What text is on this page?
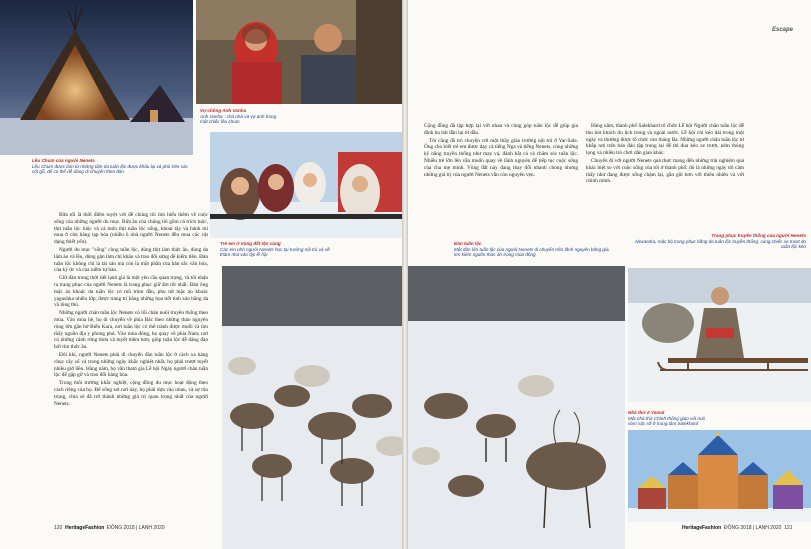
Vợ chồng Anh Vanha
Anh Vanha - chủ nhà và vợ anh trong một chiếc lều chum
Trẻ em ở Vùng đất tận cùng
Các em nhỏ người Nenets học tại trường nội trú và về thăm nhà vào dịp lễ hội
Lều Chum của người Nenets
Lều Chum được làm từ những tấm da tuần lộc được khâu lại và phủ trên các cột gỗ, để có thể dễ dàng di chuyển theo đàn

Bữa tối là thời điểm tuyệt vời để chúng tôi tìm hiểu thêm về cuộc sống của những người du mục. Bữa ăn của chúng tôi gồm cá trích luộc, thịt tuần lộc luộc và cả món thịt tuần lộc sống, khoai tây và bánh mì mua ở cửa hàng tạp hóa (nhiều ô nhà người Nenets đều mua các vật dụng thiết yếu).

Người du mục "sống" cùng tuần lộc, dùng thịt làm thức ăn, dùng da làm áo và lều, dùng gân làm chỉ khâu và trao đổi sừng để kiếm tiền. Đàn tuần lộc không chỉ là tài sản mà còn là một phần của bản sắc văn hóa, của ký ức và của niềm tự hào.

Giữ đàn trong thời tiết lạnh giá là một yêu cầu quan trọng, và tôi nhận ra trang phục của người Nenets là trang phục giữ ấm tốt nhất. Đàn ông mặc áo khoác da tuần lộc có mũ trùm đầu, phụ nữ mặc áo khoác yagushka nhiều lớp, được trang trí bằng những họa tiết tinh xảo bằng da và lông thú.

Những người chăn tuần lộc Nenets có lối chăn nuôi truyền thống theo mùa. Vào mùa hè, họ di chuyển về phía Bắc theo những thảo nguyên rộng lớn gần bờ Biển Kara, nơi tuần lộc có thể tránh được muỗi và tìm thấy nguồn địa y phong phú. Vào mùa đông, họ quay về phía Nam, nơi có những cánh rừng thưa và tuyết mềm hơn, giúp tuần lộc dễ dàng đào bới tìm thức ăn.

Đôi khi, người Nenets phải di chuyển đàn tuần lộc ở cách xa hàng chục cây số và trong những ngày khắc nghiệt nhất, họ phải trượt tuyết nhiều giờ liền. Hàng năm, họ vẫn tham gia Lễ hội Ngày người chăn tuần lộc để gặp gỡ và trao đổi hàng hóa.

Trong môi trường khắc nghiệt, cộng đồng du mục hoạt động theo cách riêng của họ. Để sống sót nơi này, họ phải dựa vào nhau, và sự tôn trọng, chia sẻ đã trở thành những giá trị quan trọng nhất của người Nenets.

120 HeritageFashion ĐÔNG 2018 | LANH 2020
Escape

Cộng đồng đã tập hợp lại với nhau và cùng góp tuần lộc để giúp gia đình họ bắt đầu lại từ đầu.

Tôi cũng đã trò chuyện với một thầy giáo trường nội trú ở Yar-Sale. Ông cho biết trẻ em được dạy cả tiếng Nga và tiếng Nenets, cùng những kỹ năng truyền thống như may vá, đánh bắt cá và chăm sóc tuần lộc. Nhiều trẻ lớn lên vẫn muốn quay về lãnh nguyên để tiếp tục cuộc sống của cha mẹ mình. Vùng đất này đang thay đổi nhanh chóng nhưng những giá trị của người Nenets vẫn còn nguyên vẹn.

Hàng năm, thành phố Salekhard tổ chức Lễ hội Người chăn tuần lộc để thu hút khách du lịch trong và ngoài nước. Lễ hội chỉ kéo dài trong một ngày và thường được tổ chức vào tháng Ba. Những người chăn tuần lộc từ khắp nơi trên bán đảo tập trung lại để thi đua kéo xe trượt, ném thòng lọng và nhiều trò chơi dân gian khác.

Chuyến đi với người Nenets quả thực mang đến những trải nghiệm quá khác biệt so với cuộc sống của tôi ở thành phố; đó là những ngày tôi cảm thấy như đang được sống chậm lại, gần gũi hơn với thiên nhiên và với chính mình.

Đàn tuần lộc
Một đàn lớn tuần lộc của người Nenets di chuyển trên lãnh nguyên băng giá, tìm kiếm nguồn thức ăn trong mùa đông
Trang phục truyền thống của người Nenets
Alexandra, mặc bộ trang phục bằng da tuần lộc truyền thống, cùng chiếc xe trượt do tuần lộc kéo
Nhà thờ ở Yamal
Một nhà thờ Chính thống giáo với mái vòm sặc sỡ ở trung tâm Salekhard
HeritageFashion ĐÔNG 2018 | LANH 2020 121
